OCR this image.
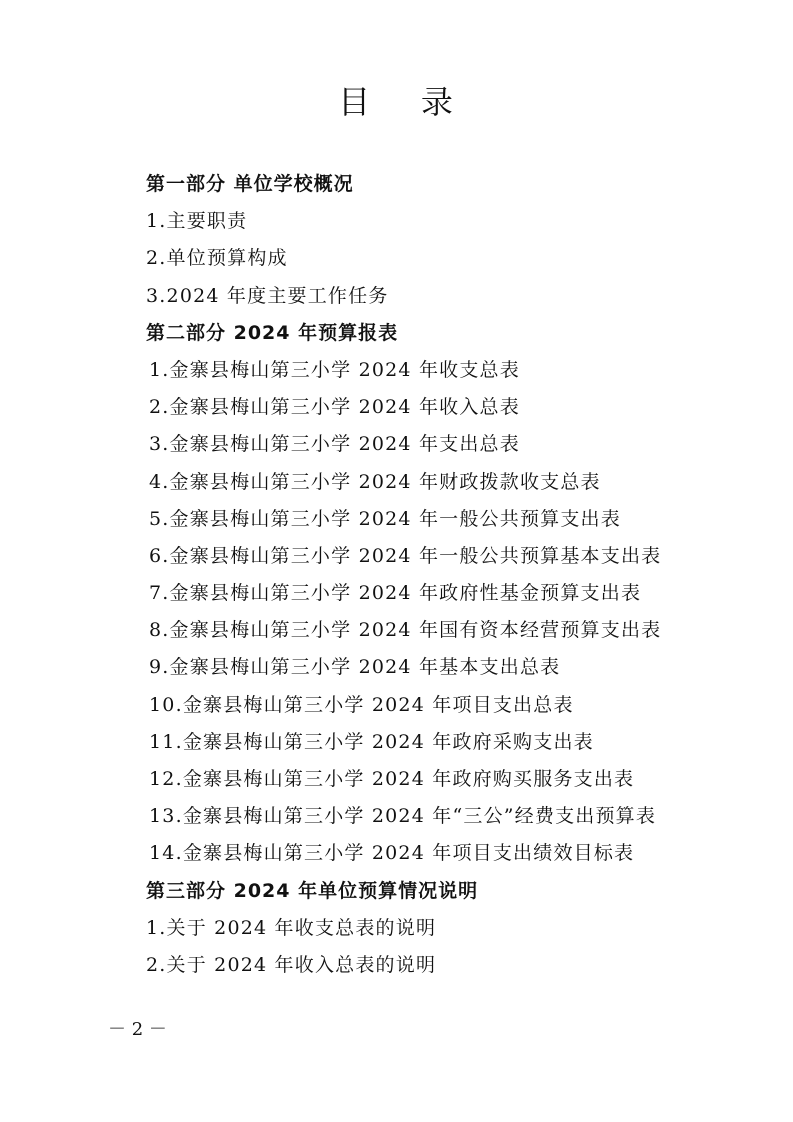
目    录
第一部分 单位学校概况
1.主要职责
2.单位预算构成
3.2024 年度主要工作任务
第二部分 2024 年预算报表
1.金寨县梅山第三小学 2024 年收支总表
2.金寨县梅山第三小学 2024 年收入总表
3.金寨县梅山第三小学 2024 年支出总表
4.金寨县梅山第三小学 2024 年财政拨款收支总表
5.金寨县梅山第三小学 2024 年一般公共预算支出表
6.金寨县梅山第三小学 2024 年一般公共预算基本支出表
7.金寨县梅山第三小学 2024 年政府性基金预算支出表
8.金寨县梅山第三小学 2024 年国有资本经营预算支出表
9.金寨县梅山第三小学 2024 年基本支出总表
10.金寨县梅山第三小学 2024 年项目支出总表
11.金寨县梅山第三小学 2024 年政府采购支出表
12.金寨县梅山第三小学 2024 年政府购买服务支出表
13.金寨县梅山第三小学 2024 年“三公”经费支出预算表
14.金寨县梅山第三小学 2024 年项目支出绩效目标表
第三部分 2024 年单位预算情况说明
1.关于 2024 年收支总表的说明
2.关于 2024 年收入总表的说明
－ 2 －
